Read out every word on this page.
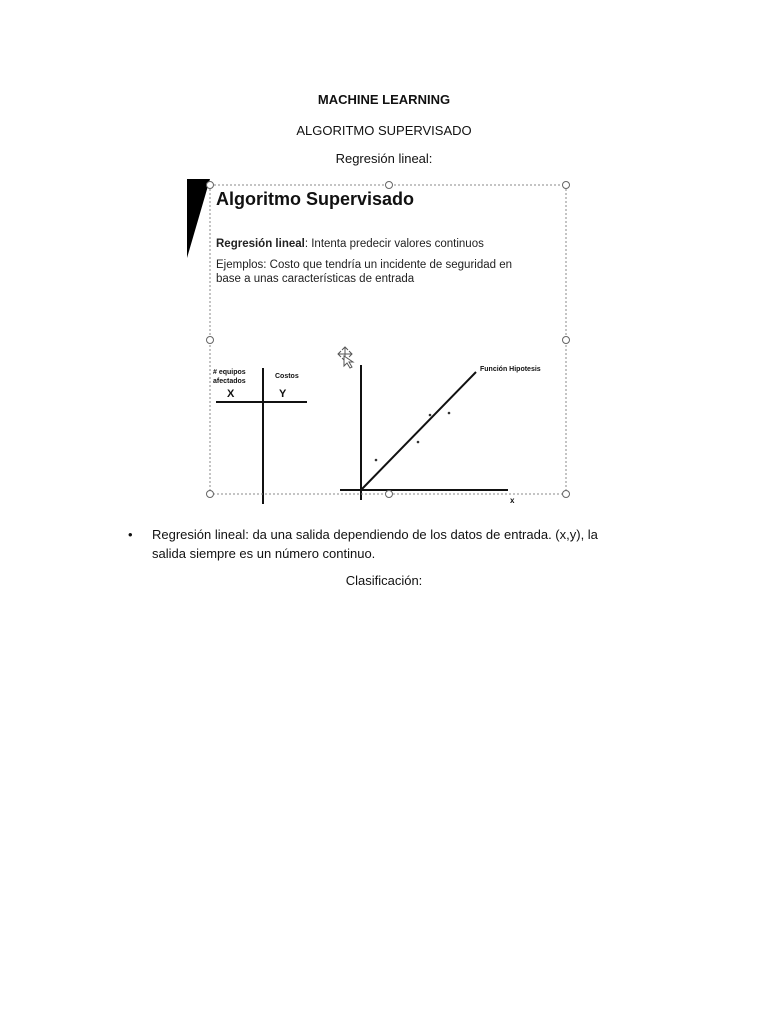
MACHINE LEARNING
ALGORITMO SUPERVISADO
Regresión lineal:
Algoritmo Supervisado
Regresión lineal: Intenta predecir valores continuos
Ejemplos: Costo que tendría un incidente de seguridad en
base a unas características de entrada
# equipos
afectados
Costos
X	Y
Función Hipotesis
x
• Regresión lineal: da una salida dependiendo de los datos de entrada. (x,y), la salida siempre es un número continuo.
Clasificación:
